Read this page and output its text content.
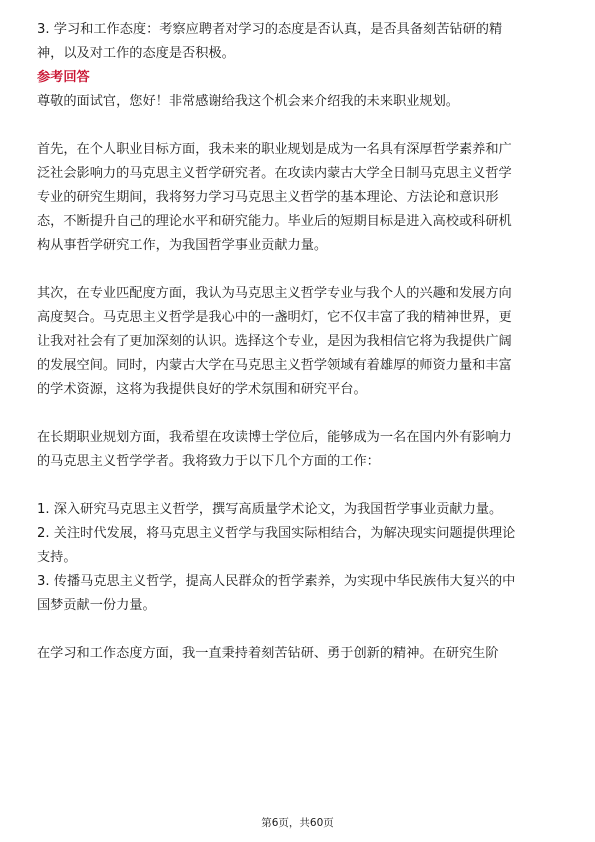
3. 学习和工作态度：考察应聘者对学习的态度是否认真，是否具备刻苦钻研的精
神，以及对工作的态度是否积极。
参考回答
尊敬的面试官，您好！非常感谢给我这个机会来介绍我的未来职业规划。
首先，在个人职业目标方面，我未来的职业规划是成为一名具有深厚哲学素养和广
泛社会影响力的马克思主义哲学研究者。在攻读内蒙古大学全日制马克思主义哲学
专业的研究生期间，我将努力学习马克思主义哲学的基本理论、方法论和意识形
态，不断提升自己的理论水平和研究能力。毕业后的短期目标是进入高校或科研机
构从事哲学研究工作，为我国哲学事业贡献力量。
其次，在专业匹配度方面，我认为马克思主义哲学专业与我个人的兴趣和发展方向
高度契合。马克思主义哲学是我心中的一盏明灯，它不仅丰富了我的精神世界，更
让我对社会有了更加深刻的认识。选择这个专业，是因为我相信它将为我提供广阔
的发展空间。同时，内蒙古大学在马克思主义哲学领域有着雄厚的师资力量和丰富
的学术资源，这将为我提供良好的学术氛围和研究平台。
在长期职业规划方面，我希望在攻读博士学位后，能够成为一名在国内外有影响力
的马克思主义哲学学者。我将致力于以下几个方面的工作：
1. 深入研究马克思主义哲学，撰写高质量学术论文，为我国哲学事业贡献力量。
2. 关注时代发展，将马克思主义哲学与我国实际相结合，为解决现实问题提供理论
支持。
3. 传播马克思主义哲学，提高人民群众的哲学素养，为实现中华民族伟大复兴的中
国梦贡献一份力量。
在学习和工作态度方面，我一直秉持着刻苦钻研、勇于创新的精神。在研究生阶
第6页，共60页
